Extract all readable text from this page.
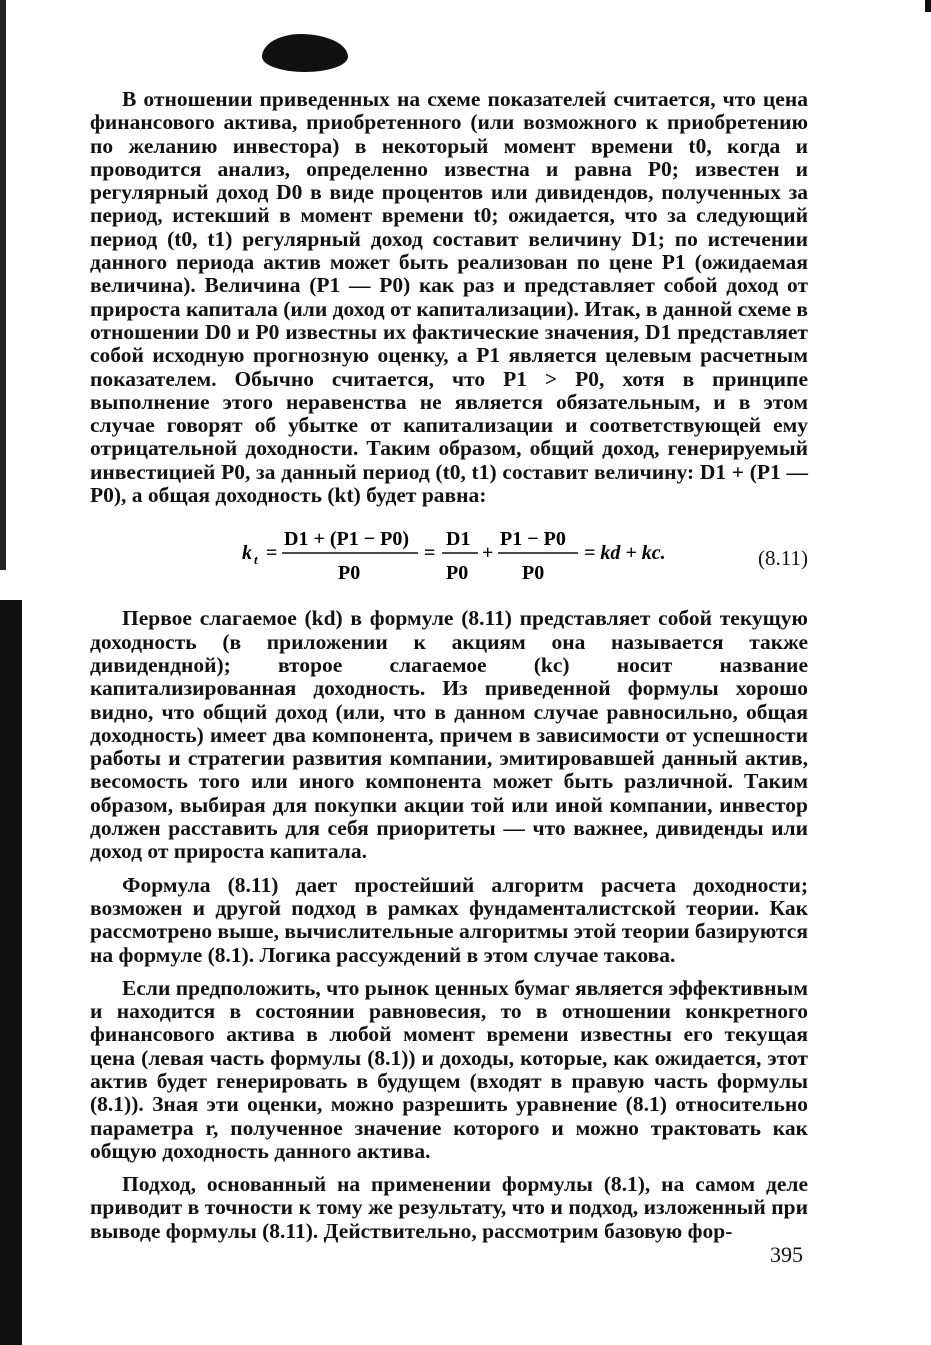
В отношении приведенных на схеме показателей считается, что цена финансового актива, приобретенного (или возможного к приобретению по желанию инвестора) в некоторый момент времени t0, когда и проводится анализ, определенно известна и равна P0; известен и регулярный доход D0 в виде процентов или дивидендов, полученных за период, истекший в момент времени t0; ожидается, что за следующий период (t0, t1) регулярный доход составит величину D1; по истечении данного периода актив может быть реализован по цене P1 (ожидаемая величина). Величина (P1 — P0) как раз и представляет собой доход от прироста капитала (или доход от капитализации). Итак, в данной схеме в отношении D0 и P0 известны их фактические значения, D1 представляет собой исходную прогнозную оценку, а P1 является целевым расчетным показателем. Обычно считается, что P1 > P0, хотя в принципе выполнение этого неравенства не является обязательным, и в этом случае говорят об убытке от капитализации и соответствующей ему отрицательной доходности. Таким образом, общий доход, генерируемый инвестицией P0, за данный период (t0, t1) составит величину: D1 + (P1 — P0), а общая доходность (kt) будет равна:

k t =
D1 + (P1 − P0)
P0
=
D1
P0
+
P1 − P0
P0
= kd + kc.	(8.11)

Первое слагаемое (kd) в формуле (8.11) представляет собой текущую доходность (в приложении к акциям она называется также дивидендной); второе слагаемое (kc) носит название капитализированная доходность. Из приведенной формулы хорошо видно, что общий доход (или, что в данном случае равносильно, общая доходность) имеет два компонента, причем в зависимости от успешности работы и стратегии развития компании, эмитировавшей данный актив, весомость того или иного компонента может быть различной. Таким образом, выбирая для покупки акции той или иной компании, инвестор должен расставить для себя приоритеты — что важнее, дивиденды или доход от прироста капитала.

Формула (8.11) дает простейший алгоритм расчета доходности; возможен и другой подход в рамках фундаменталистской теории. Как рассмотрено выше, вычислительные алгоритмы этой теории базируются на формуле (8.1). Логика рассуждений в этом случае такова.

Если предположить, что рынок ценных бумаг является эффективным и находится в состоянии равновесия, то в отношении конкретного финансового актива в любой момент времени известны его текущая цена (левая часть формулы (8.1)) и доходы, которые, как ожидается, этот актив будет генерировать в будущем (входят в правую часть формулы (8.1)). Зная эти оценки, можно разрешить уравнение (8.1) относительно параметра r, полученное значение которого и можно трактовать как общую доходность данного актива.

Подход, основанный на применении формулы (8.1), на самом деле приводит в точности к тому же результату, что и подход, изложенный при выводе формулы (8.11). Действительно, рассмотрим базовую фор-

395
